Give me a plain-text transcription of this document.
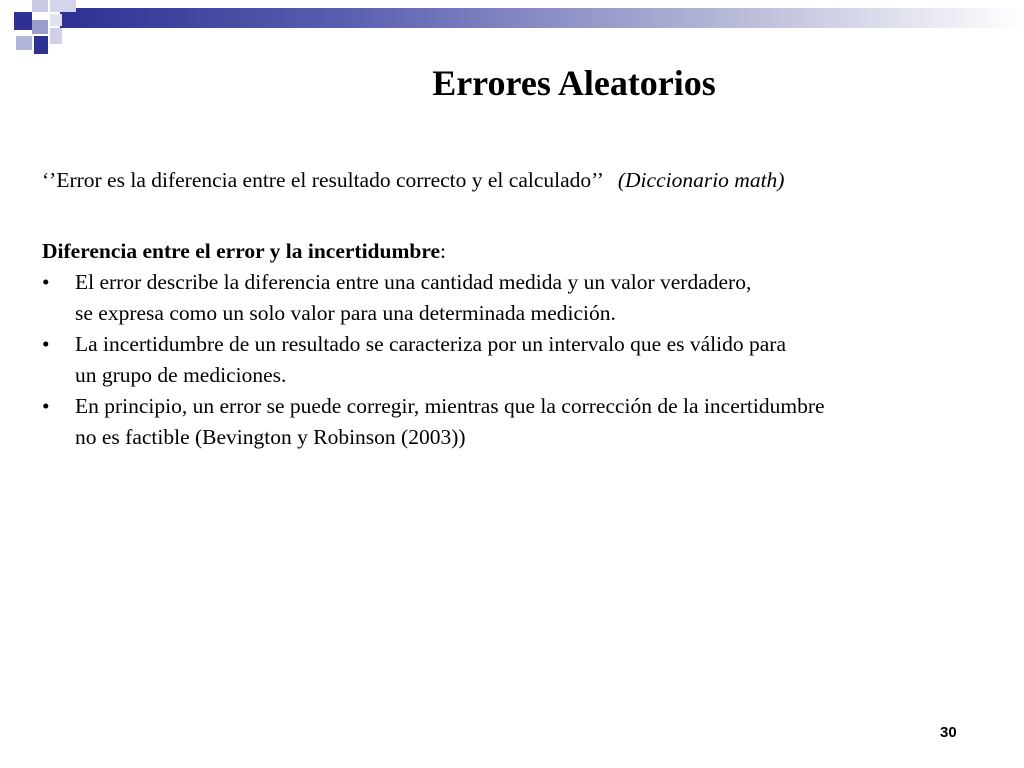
Errores Aleatorios
‘’Error es la diferencia entre el resultado correcto y el calculado’’ (Diccionario math)
Diferencia entre el error y la incertidumbre:
• El error describe la diferencia entre una cantidad medida y un valor verdadero,
se expresa como un solo valor para una determinada medición.
• La incertidumbre de un resultado se caracteriza por un intervalo que es válido para
un grupo de mediciones.
• En principio, un error se puede corregir, mientras que la corrección de la incertidumbre
no es factible (Bevington y Robinson (2003))
30
